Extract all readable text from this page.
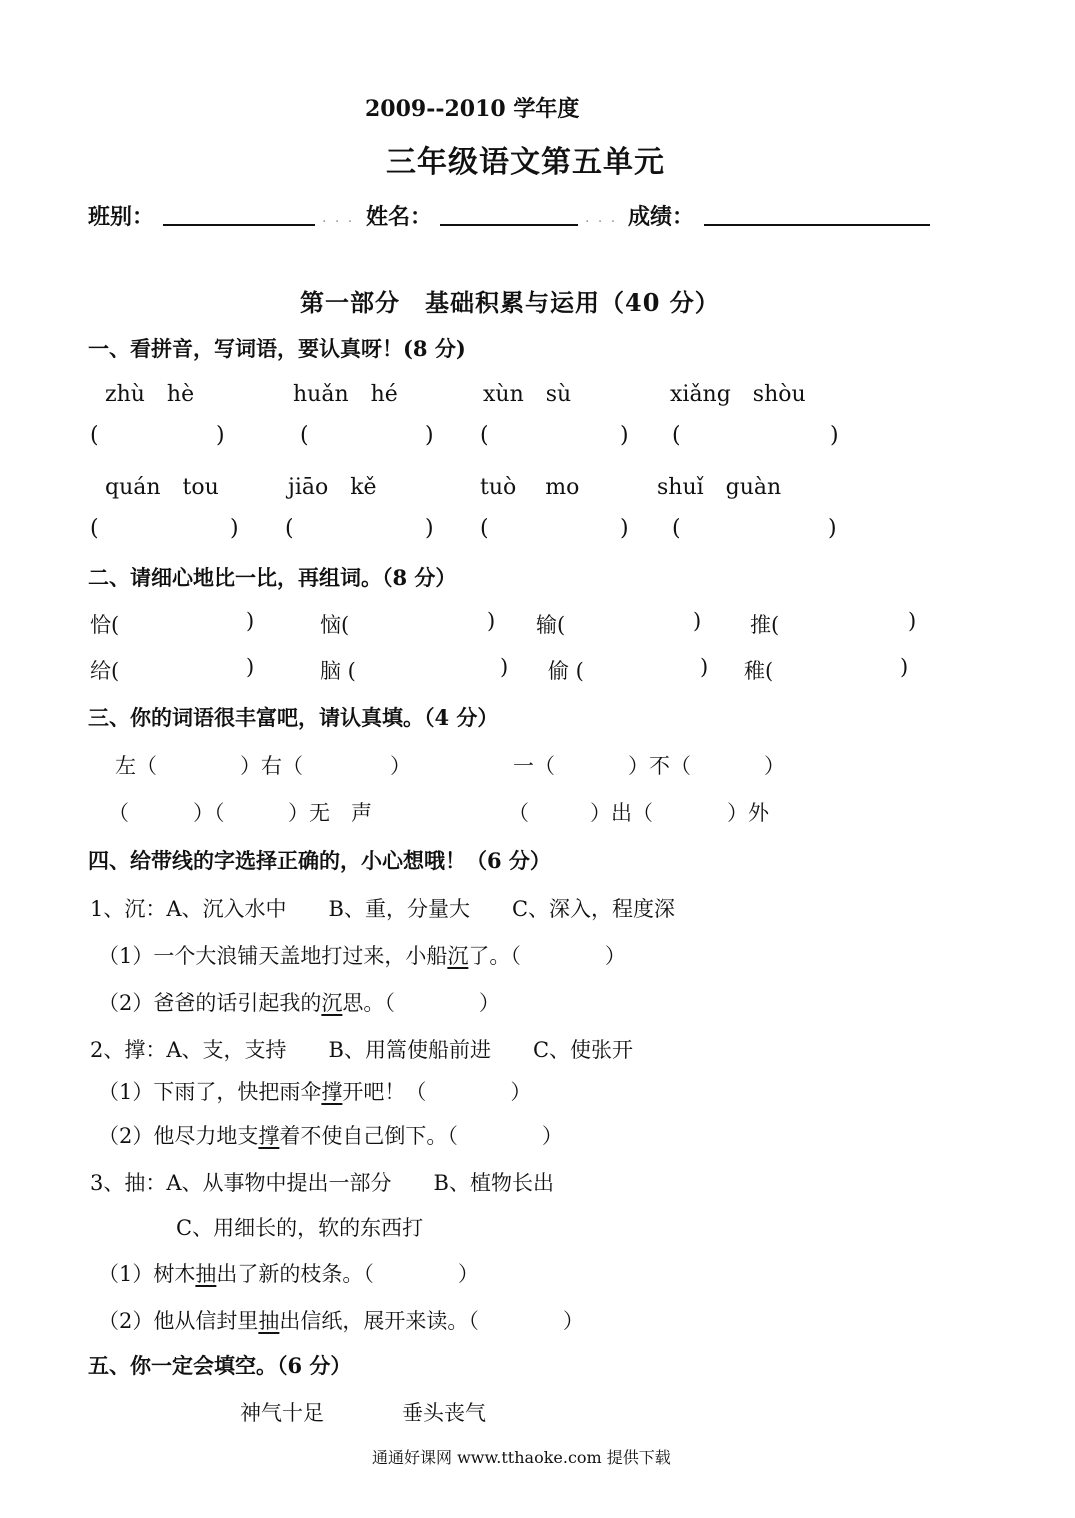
2009--2010 学年度
三年级语文第五单元
班别：	· · · 姓名：	· · · 成绩：
第一部分　基础积累与运用（40 分）
一、看拼音，写词语，要认真呀！(8 分)
zhù　hè	huǎn　hé	xùn　sù	xiǎng　shòu
(	)	(	) (	) (	)
quán　tou	jiāo　kě	tuò　 mo	shuǐ　guàn
(	) (	) (	) (	)
二、请细心地比一比，再组词。（8 分）
恰(	)	恼(	) 输(	) 推(	)
给(	)	脑 (	) 偷 (	) 稚(	)
三、你的词语很丰富吧，请认真填。（4 分）
左（	）右（	）	一（	）不（	）
（	）（	）无　声	（	）出（	）外
四、给带线的字选择正确的，小心想哦！（6 分）
1、沉：A、沉入水中　　B、重，分量大　　C、深入，程度深
（1）一个大浪铺天盖地打过来，小船沉了。（　　　　）
（2）爸爸的话引起我的沉思。（　　　　）
2、撑：A、支，支持　　B、用篙使船前进　　C、使张开
（1）下雨了，快把雨伞撑开吧！（　　　　）
（2）他尽力地支撑着不使自己倒下。（　　　　）
3、抽：A、从事物中提出一部分　　B、植物长出
C、用细长的，软的东西打
（1）树木抽出了新的枝条。（　　　　）
（2）他从信封里抽出信纸，展开来读。（　　　　）
五、你一定会填空。（6 分）
神气十足	垂头丧气
通通好课网 www.tthaoke.com 提供下载
